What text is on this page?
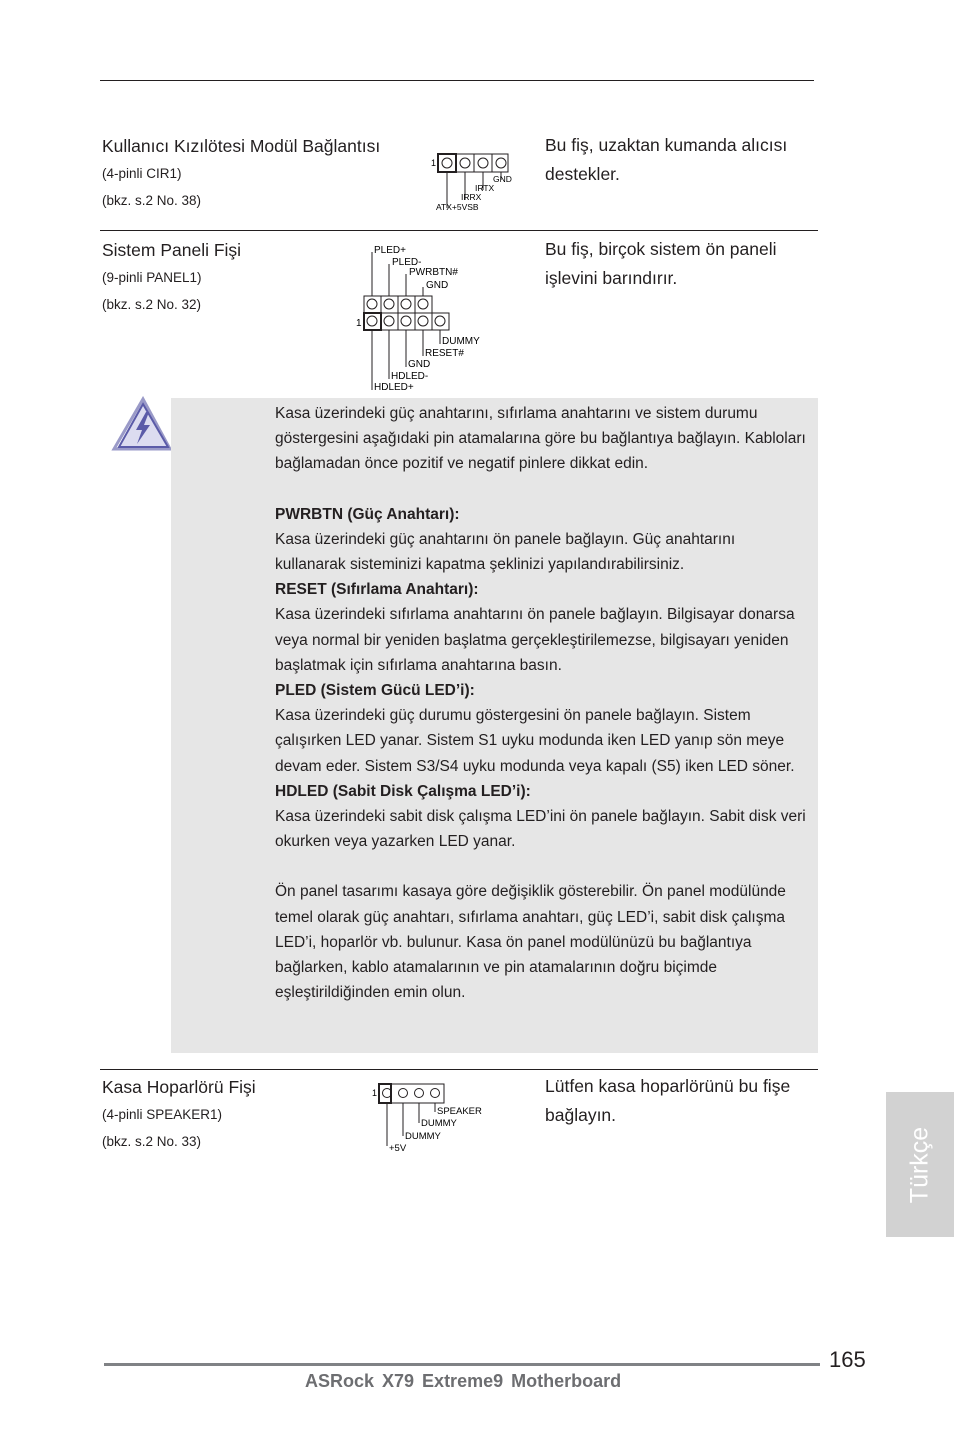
Kullanıcı Kızılötesi Modül Bağlantısı
(4-pinli CIR1)
(bkz. s.2 No. 38)
Bu fiş, uzaktan kumanda alıcısı destekler.
1
GND
IRTX
IRRX
ATX+5VSB
Sistem Paneli Fişi
(9-pinli PANEL1)
(bkz. s.2 No. 32)
Bu fiş, birçok sistem ön paneli işlevini barındırır.
PLED+
PLED-
PWRBTN#
GND
1
DUMMY
RESET#
GND
HDLED-
HDLED+

Kasa üzerindeki güç anahtarını, sıfırlama anahtarını ve sistem durumu göstergesini aşağıdaki pin atamalarına göre bu bağlantıya bağlayın. Kabloları bağlamadan önce pozitif ve negatif pinlere dikkat edin.

PWRBTN (Güç Anahtarı):

Kasa üzerindeki güç anahtarını ön panele bağlayın. Güç anahtarını kullanarak sisteminizi kapatma şeklinizi yapılandırabilirsiniz.

RESET (Sıfırlama Anahtarı):

Kasa üzerindeki sıfırlama anahtarını ön panele bağlayın. Bilgisayar donarsa veya normal bir yeniden başlatma gerçekleştirilemezse, bilgisayarı yeniden başlatmak için sıfırlama anahtarına basın.

PLED (Sistem Gücü LED’i):

Kasa üzerindeki güç durumu göstergesini ön panele bağlayın. Sistem çalışırken LED yanar. Sistem S1 uyku modunda iken LED yanıp sön meye devam eder. Sistem S3/S4 uyku modunda veya kapalı (S5) iken LED söner.

HDLED (Sabit Disk Çalışma LED’i):

Kasa üzerindeki sabit disk çalışma LED’ini ön panele bağlayın. Sabit disk veri okurken veya yazarken LED yanar.

Ön panel tasarımı kasaya göre değişiklik gösterebilir. Ön panel modülünde temel olarak güç anahtarı, sıfırlama anahtarı, güç LED’i, sabit disk çalışma LED’i, hoparlör vb. bulunur. Kasa ön panel modülünüzü bu bağlantıya bağlarken, kablo atamalarının ve pin atamalarının doğru biçimde eşleştirildiğinden emin olun.

Kasa Hoparlörü Fişi
(4-pinli SPEAKER1)
(bkz. s.2 No. 33)
Lütfen kasa hoparlörünü bu fişe bağlayın.
1
SPEAKER
DUMMY
DUMMY
+5V	Türkçe
165
ASRock X79 Extreme9 Motherboard
